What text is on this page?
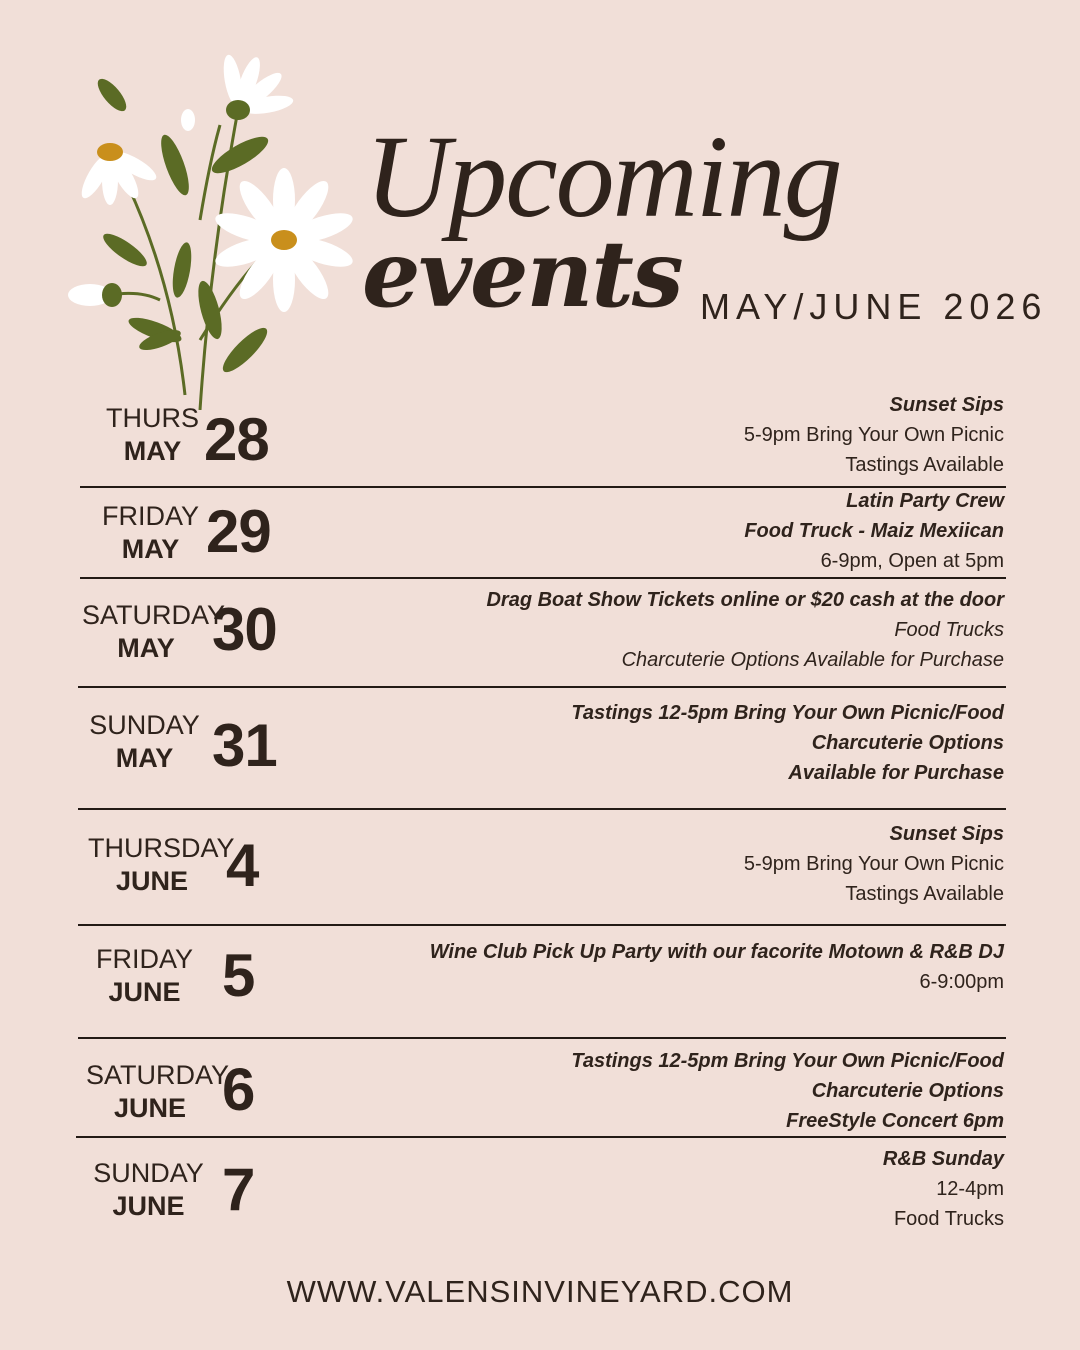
Upcoming
events MAY/JUNE 2026
THURS
MAY 28
Sunset Sips
5-9pm Bring Your Own Picnic
Tastings Available
FRIDAY
MAY 29	Latin Party Crew
Food Truck - Maiz Mexiican
6-9pm, Open at 5pm
SATURDAY
MAY 30	Drag Boat Show Tickets online or $20 cash at the door
Food Trucks
Charcuterie Options Available for Purchase
SUNDAY
MAY 31	Tastings 12-5pm Bring Your Own Picnic/Food
Charcuterie Options
Available for Purchase
THURSDAY
JUNE 4	Sunset Sips
5-9pm Bring Your Own Picnic
Tastings Available
FRIDAY
JUNE 5	Wine Club Pick Up Party with our facorite Motown & R&B DJ
6-9:00pm
SATURDAY
JUNE 6	Tastings 12-5pm Bring Your Own Picnic/Food
Charcuterie Options
FreeStyle Concert 6pm
SUNDAY
JUNE 7	R&B Sunday
12-4pm
Food Trucks
WWW.VALENSINVINEYARD.COM
